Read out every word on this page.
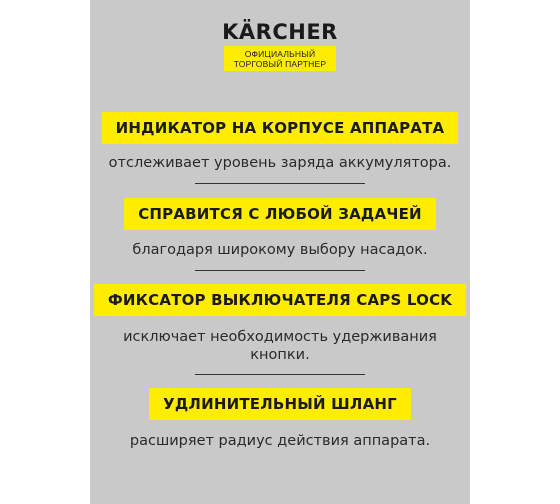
KÄRCHER
ОФИЦИАЛЬНЫЙ
ТОРГОВЫЙ ПАРТНЕР
ИНДИКАТОР НА КОРПУСЕ АППАРАТА
отслеживает уровень заряда аккумулятора.
СПРАВИТСЯ С ЛЮБОЙ ЗАДАЧЕЙ
благодаря широкому выбору насадок.
ФИКСАТОР ВЫКЛЮЧАТЕЛЯ CAPS LOCK
исключает необходимость удерживания
кнопки.
УДЛИНИТЕЛЬНЫЙ ШЛАНГ
расширяет радиус действия аппарата.
